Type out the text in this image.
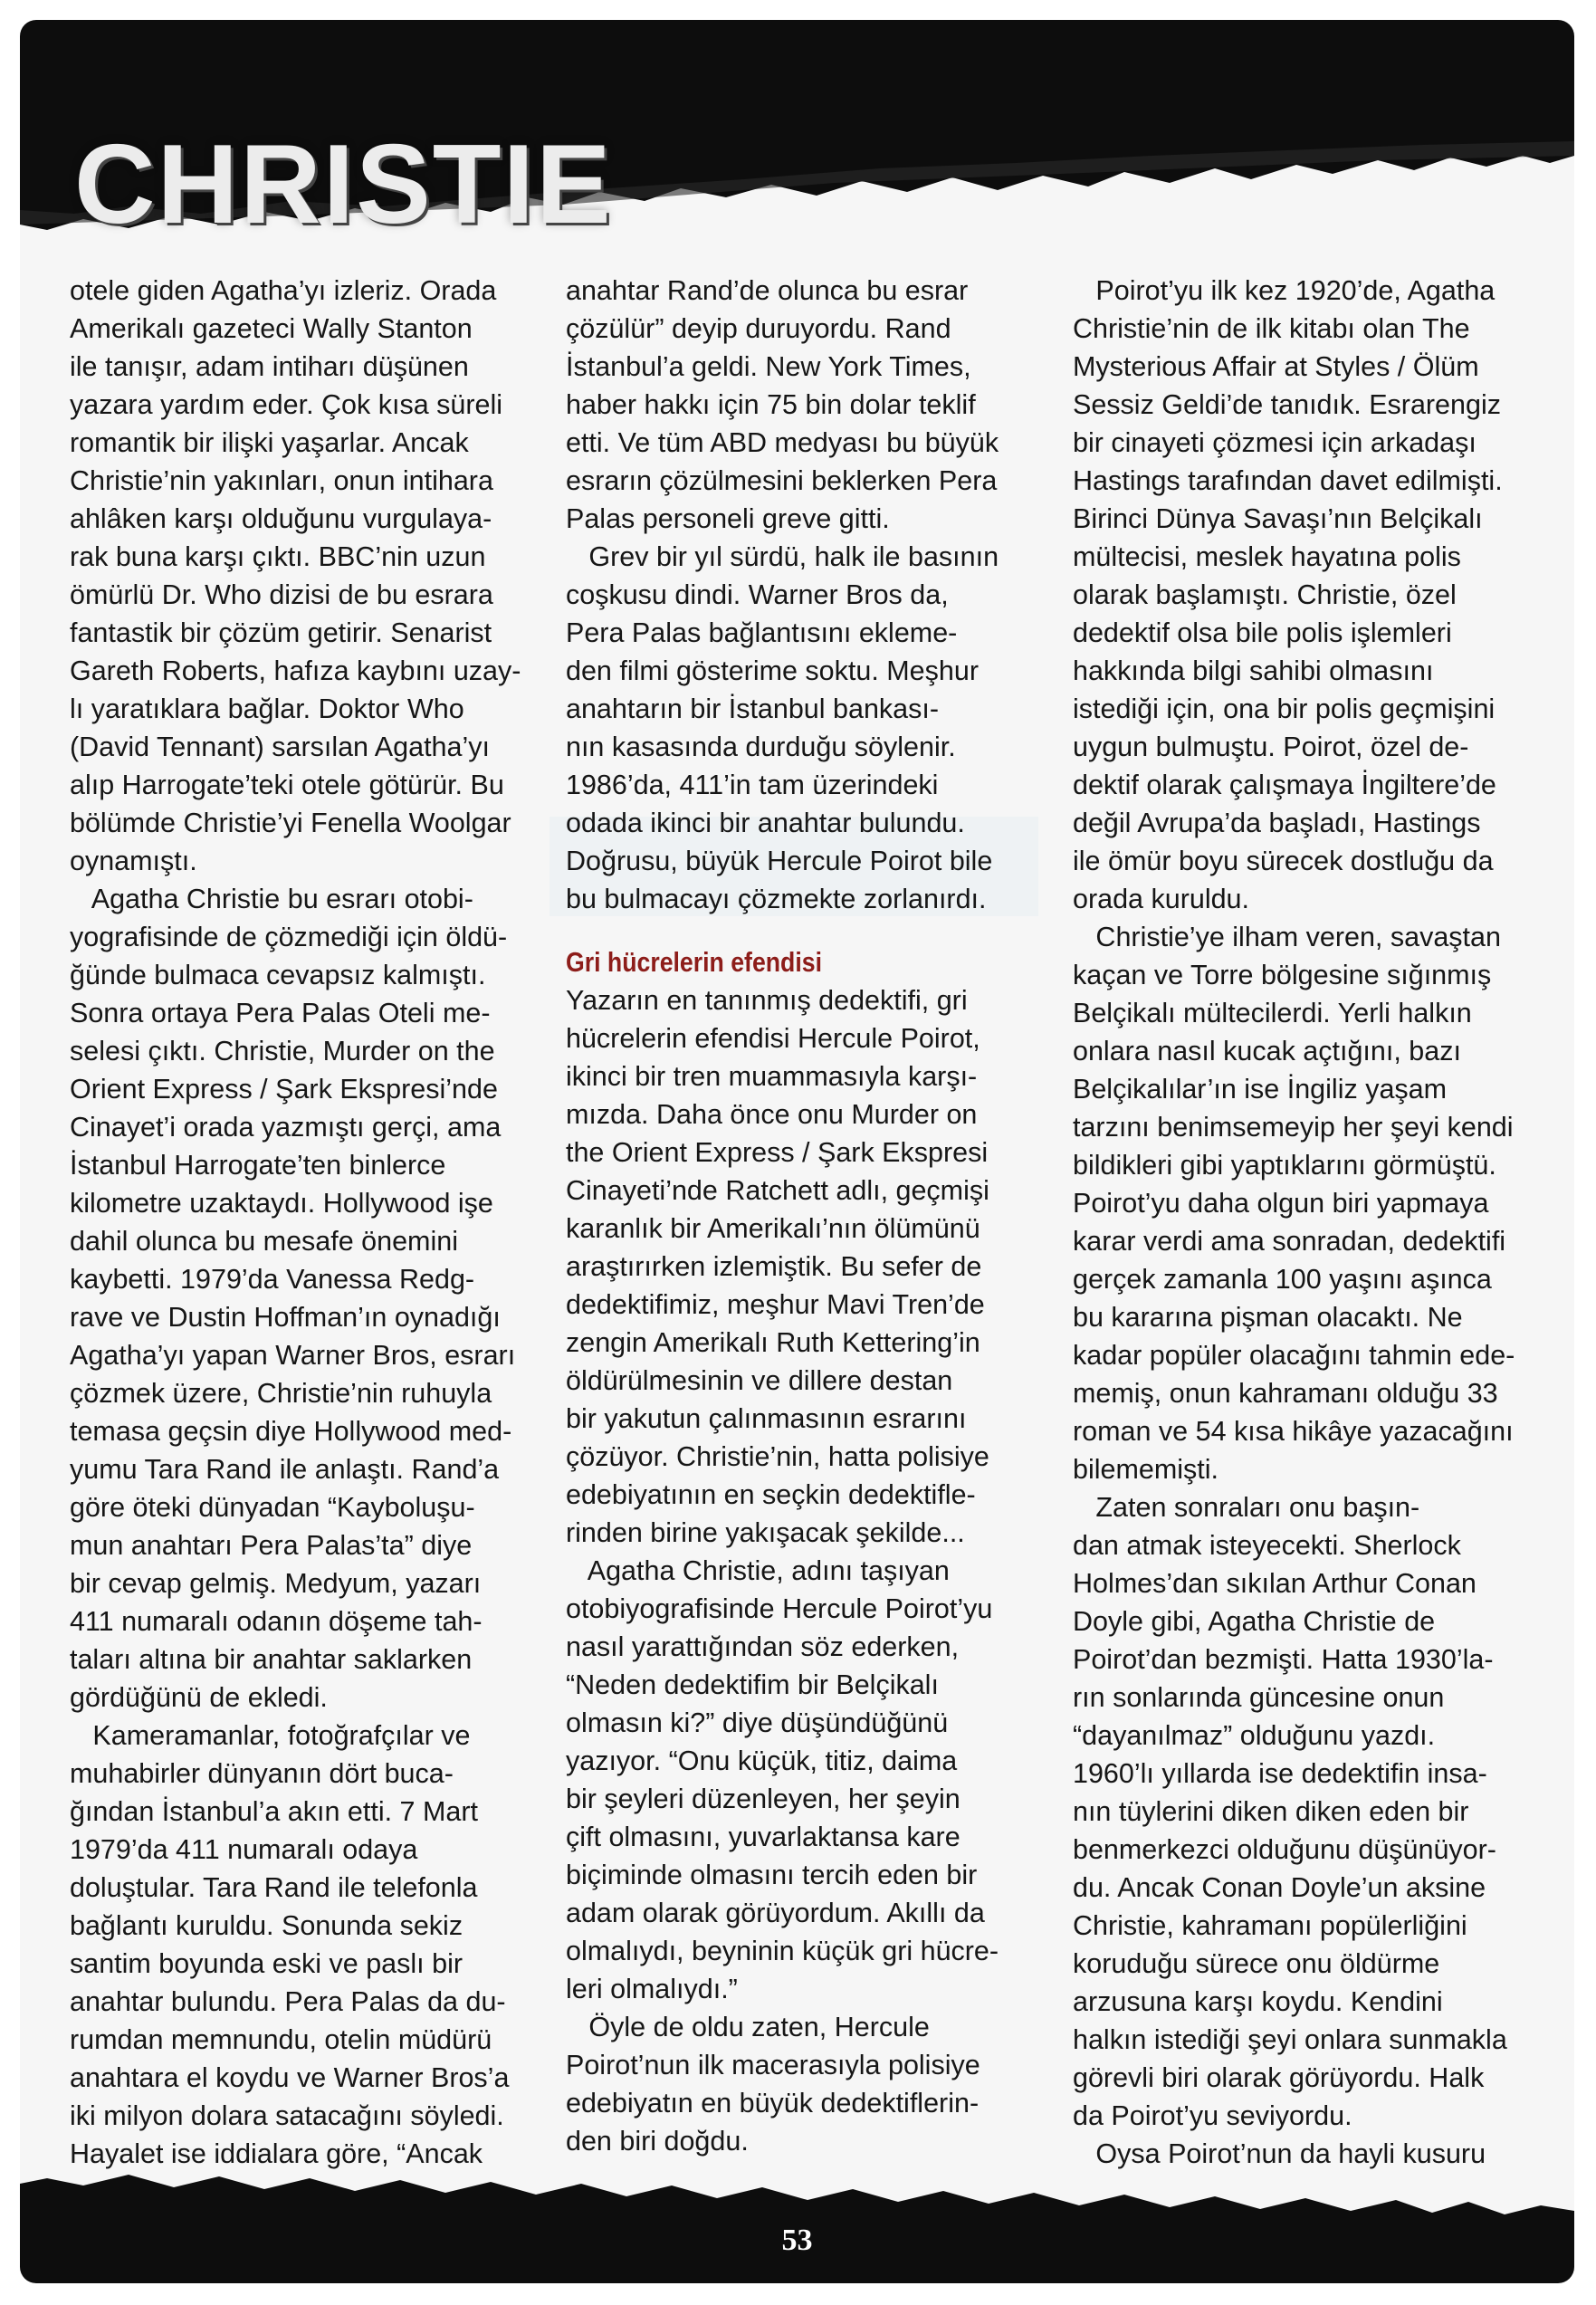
CHRISTIE
otele giden Agatha’yı izleriz. Orada
Amerikalı gazeteci Wally Stanton
ile tanışır, adam intiharı düşünen
yazara yardım eder. Çok kısa süreli
romantik bir ilişki yaşarlar. Ancak
Christie’nin yakınları, onun intihara
ahlâken karşı olduğunu vurgulaya-
rak buna karşı çıktı. BBC’nin uzun
ömürlü Dr. Who dizisi de bu esrara
fantastik bir çözüm getirir. Senarist
Gareth Roberts, hafıza kaybını uzay-
lı yaratıklara bağlar. Doktor Who
(David Tennant) sarsılan Agatha’yı
alıp Harrogate’teki otele götürür. Bu
bölümde Christie’yi Fenella Woolgar
oynamıştı.
Agatha Christie bu esrarı otobi-
yografisinde de çözmediği için öldü-
ğünde bulmaca cevapsız kalmıştı.
Sonra ortaya Pera Palas Oteli me-
selesi çıktı. Christie, Murder on the
Orient Express / Şark Ekspresi’nde
Cinayet’i orada yazmıştı gerçi, ama
İstanbul Harrogate’ten binlerce
kilometre uzaktaydı. Hollywood işe
dahil olunca bu mesafe önemini
kaybetti. 1979’da Vanessa Redg-
rave ve Dustin Hoffman’ın oynadığı
Agatha’yı yapan Warner Bros, esrarı
çözmek üzere, Christie’nin ruhuyla
temasa geçsin diye Hollywood med-
yumu Tara Rand ile anlaştı. Rand’a
göre öteki dünyadan “Kayboluşu-
mun anahtarı Pera Palas’ta” diye
bir cevap gelmiş. Medyum, yazarı
411 numaralı odanın döşeme tah-
taları altına bir anahtar saklarken
gördüğünü de ekledi.
Kameramanlar, fotoğrafçılar ve
muhabirler dünyanın dört buca-
ğından İstanbul’a akın etti. 7 Mart
1979’da 411 numaralı odaya
doluştular. Tara Rand ile telefonla
bağlantı kuruldu. Sonunda sekiz
santim boyunda eski ve paslı bir
anahtar bulundu. Pera Palas da du-
rumdan memnundu, otelin müdürü
anahtara el koydu ve Warner Bros’a
iki milyon dolara satacağını söyledi.
Hayalet ise iddialara göre, “Ancak
anahtar Rand’de olunca bu esrar
çözülür” deyip duruyordu. Rand
İstanbul’a geldi. New York Times,
haber hakkı için 75 bin dolar teklif
etti. Ve tüm ABD medyası bu büyük
esrarın çözülmesini beklerken Pera
Palas personeli greve gitti.
Grev bir yıl sürdü, halk ile basının
coşkusu dindi. Warner Bros da,
Pera Palas bağlantısını ekleme-
den filmi gösterime soktu. Meşhur
anahtarın bir İstanbul bankası-
nın kasasında durduğu söylenir.
1986’da, 411’in tam üzerindeki
odada ikinci bir anahtar bulundu.
Doğrusu, büyük Hercule Poirot bile
bu bulmacayı çözmekte zorlanırdı.
Gri hücrelerin efendisi
Yazarın en tanınmış dedektifi, gri
hücrelerin efendisi Hercule Poirot,
ikinci bir tren muammasıyla karşı-
mızda. Daha önce onu Murder on
the Orient Express / Şark Ekspresi
Cinayeti’nde Ratchett adlı, geçmişi
karanlık bir Amerikalı’nın ölümünü
araştırırken izlemiştik. Bu sefer de
dedektifimiz, meşhur Mavi Tren’de
zengin Amerikalı Ruth Kettering’in
öldürülmesinin ve dillere destan
bir yakutun çalınmasının esrarını
çözüyor. Christie’nin, hatta polisiye
edebiyatının en seçkin dedektifle-
rinden birine yakışacak şekilde...
Agatha Christie, adını taşıyan
otobiyografisinde Hercule Poirot’yu
nasıl yarattığından söz ederken,
“Neden dedektifim bir Belçikalı
olmasın ki?” diye düşündüğünü
yazıyor. “Onu küçük, titiz, daima
bir şeyleri düzenleyen, her şeyin
çift olmasını, yuvarlaktansa kare
biçiminde olmasını tercih eden bir
adam olarak görüyordum. Akıllı da
olmalıydı, beyninin küçük gri hücre-
leri olmalıydı.”
Öyle de oldu zaten, Hercule
Poirot’nun ilk macerasıyla polisiye
edebiyatın en büyük dedektiflerin-
den biri doğdu.
Poirot’yu ilk kez 1920’de, Agatha
Christie’nin de ilk kitabı olan The
Mysterious Affair at Styles / Ölüm
Sessiz Geldi’de tanıdık. Esrarengiz
bir cinayeti çözmesi için arkadaşı
Hastings tarafından davet edilmişti.
Birinci Dünya Savaşı’nın Belçikalı
mültecisi, meslek hayatına polis
olarak başlamıştı. Christie, özel
dedektif olsa bile polis işlemleri
hakkında bilgi sahibi olmasını
istediği için, ona bir polis geçmişini
uygun bulmuştu. Poirot, özel de-
dektif olarak çalışmaya İngiltere’de
değil Avrupa’da başladı, Hastings
ile ömür boyu sürecek dostluğu da
orada kuruldu.
Christie’ye ilham veren, savaştan
kaçan ve Torre bölgesine sığınmış
Belçikalı mültecilerdi. Yerli halkın
onlara nasıl kucak açtığını, bazı
Belçikalılar’ın ise İngiliz yaşam
tarzını benimsemeyip her şeyi kendi
bildikleri gibi yaptıklarını görmüştü.
Poirot’yu daha olgun biri yapmaya
karar verdi ama sonradan, dedektifi
gerçek zamanla 100 yaşını aşınca
bu kararına pişman olacaktı. Ne
kadar popüler olacağını tahmin ede-
memiş, onun kahramanı olduğu 33
roman ve 54 kısa hikâye yazacağını
bilememişti.
Zaten sonraları onu başın-
dan atmak isteyecekti. Sherlock
Holmes’dan sıkılan Arthur Conan
Doyle gibi, Agatha Christie de
Poirot’dan bezmişti. Hatta 1930’la-
rın sonlarında güncesine onun
“dayanılmaz” olduğunu yazdı.
1960’lı yıllarda ise dedektifin insa-
nın tüylerini diken diken eden bir
benmerkezci olduğunu düşünüyor-
du. Ancak Conan Doyle’un aksine
Christie, kahramanı popülerliğini
koruduğu sürece onu öldürme
arzusuna karşı koydu. Kendini
halkın istediği şeyi onlara sunmakla
görevli biri olarak görüyordu. Halk
da Poirot’yu seviyordu.
Oysa Poirot’nun da hayli kusuru
53
